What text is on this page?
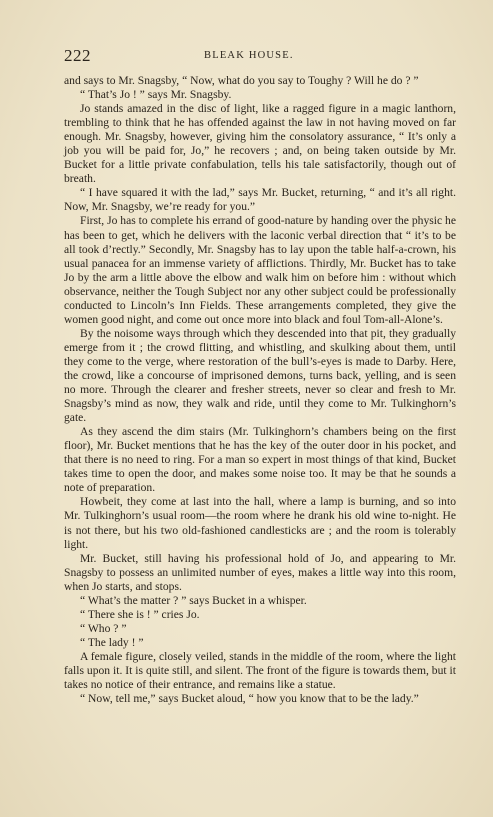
222	BLEAK HOUSE.

and says to Mr. Snagsby, “ Now, what do you say to Toughy ? Will he do ? ”

“ That’s Jo ! ” says Mr. Snagsby.

Jo stands amazed in the disc of light, like a ragged figure in a magic lanthorn, trembling to think that he has offended against the law in not having moved on far enough. Mr. Snagsby, however, giving him the consolatory assurance, “ It’s only a job you will be paid for, Jo,” he recovers ; and, on being taken outside by Mr. Bucket for a little private confabulation, tells his tale satisfactorily, though out of breath.

“ I have squared it with the lad,” says Mr. Bucket, returning, “ and it’s all right. Now, Mr. Snagsby, we’re ready for you.”

First, Jo has to complete his errand of good-nature by handing over the physic he has been to get, which he delivers with the laconic verbal direction that “ it’s to be all took d’rectly.” Secondly, Mr. Snagsby has to lay upon the table half-a-crown, his usual panacea for an immense variety of afflictions. Thirdly, Mr. Bucket has to take Jo by the arm a little above the elbow and walk him on before him : without which observance, neither the Tough Subject nor any other subject could be professionally conducted to Lincoln’s Inn Fields. These arrangements completed, they give the women good night, and come out once more into black and foul Tom-all-Alone’s.

By the noisome ways through which they descended into that pit, they gradually emerge from it ; the crowd flitting, and whistling, and skulking about them, until they come to the verge, where restoration of the bull’s-eyes is made to Darby. Here, the crowd, like a concourse of imprisoned demons, turns back, yelling, and is seen no more. Through the clearer and fresher streets, never so clear and fresh to Mr. Snagsby’s mind as now, they walk and ride, until they come to Mr. Tulkinghorn’s gate.

As they ascend the dim stairs (Mr. Tulkinghorn’s chambers being on the first floor), Mr. Bucket mentions that he has the key of the outer door in his pocket, and that there is no need to ring. For a man so expert in most things of that kind, Bucket takes time to open the door, and makes some noise too. It may be that he sounds a note of preparation.

Howbeit, they come at last into the hall, where a lamp is burning, and so into Mr. Tulkinghorn’s usual room—the room where he drank his old wine to-night. He is not there, but his two old-fashioned candlesticks are ; and the room is tolerably light.

Mr. Bucket, still having his professional hold of Jo, and appearing to Mr. Snagsby to possess an unlimited number of eyes, makes a little way into this room, when Jo starts, and stops.

“ What’s the matter ? ” says Bucket in a whisper.

“ There she is ! ” cries Jo.

“ Who ? ”

“ The lady ! ”

A female figure, closely veiled, stands in the middle of the room, where the light falls upon it. It is quite still, and silent. The front of the figure is towards them, but it takes no notice of their entrance, and remains like a statue.

“ Now, tell me,” says Bucket aloud, “ how you know that to be the lady.”
